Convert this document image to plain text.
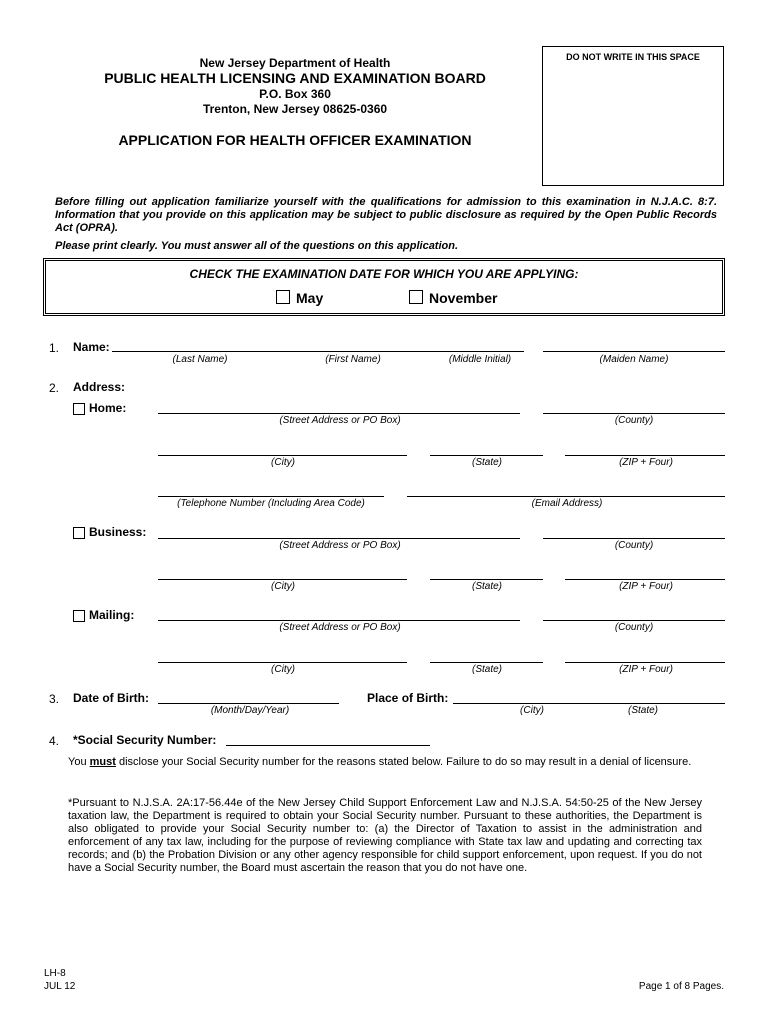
New Jersey Department of Health
PUBLIC HEALTH LICENSING AND EXAMINATION BOARD
P.O. Box 360
Trenton, New Jersey 08625-0360
APPLICATION FOR HEALTH OFFICER EXAMINATION
DO NOT WRITE IN THIS SPACE
Before filling out application familiarize yourself with the qualifications for admission to this examination in N.J.A.C. 8:7. Information that you provide on this application may be subject to public disclosure as required by the Open Public Records Act (OPRA).
Please print clearly. You must answer all of the questions on this application.
CHECK THE EXAMINATION DATE FOR WHICH YOU ARE APPLYING:
May	November
1. Name:
(Last Name)	(First Name)	(Middle Initial)	(Maiden Name)
2. Address:
Home:
(Street Address or PO Box)	(County)
(City)	(State)	(ZIP + Four)
(Telephone Number (Including Area Code)	(Email Address)
Business:
(Street Address or PO Box)	(County)
(City)	(State)	(ZIP + Four)
Mailing:
(Street Address or PO Box)	(County)
(City)	(State)	(ZIP + Four)
3. Date of Birth:
(Month/Day/Year)
Place of Birth:
(City)	(State)
4. *Social Security Number:
You must disclose your Social Security number for the reasons stated below. Failure to do so may result in a denial of licensure.
*Pursuant to N.J.S.A. 2A:17-56.44e of the New Jersey Child Support Enforcement Law and N.J.S.A. 54:50-25 of the New Jersey taxation law, the Department is required to obtain your Social Security number. Pursuant to these authorities, the Department is also obligated to provide your Social Security number to: (a) the Director of Taxation to assist in the administration and enforcement of any tax law, including for the purpose of reviewing compliance with State tax law and updating and correcting tax records; and (b) the Probation Division or any other agency responsible for child support enforcement, upon request. If you do not have a Social Security number, the Board must ascertain the reason that you do not have one.
LH-8
JUL 12	Page 1 of 8 Pages.
